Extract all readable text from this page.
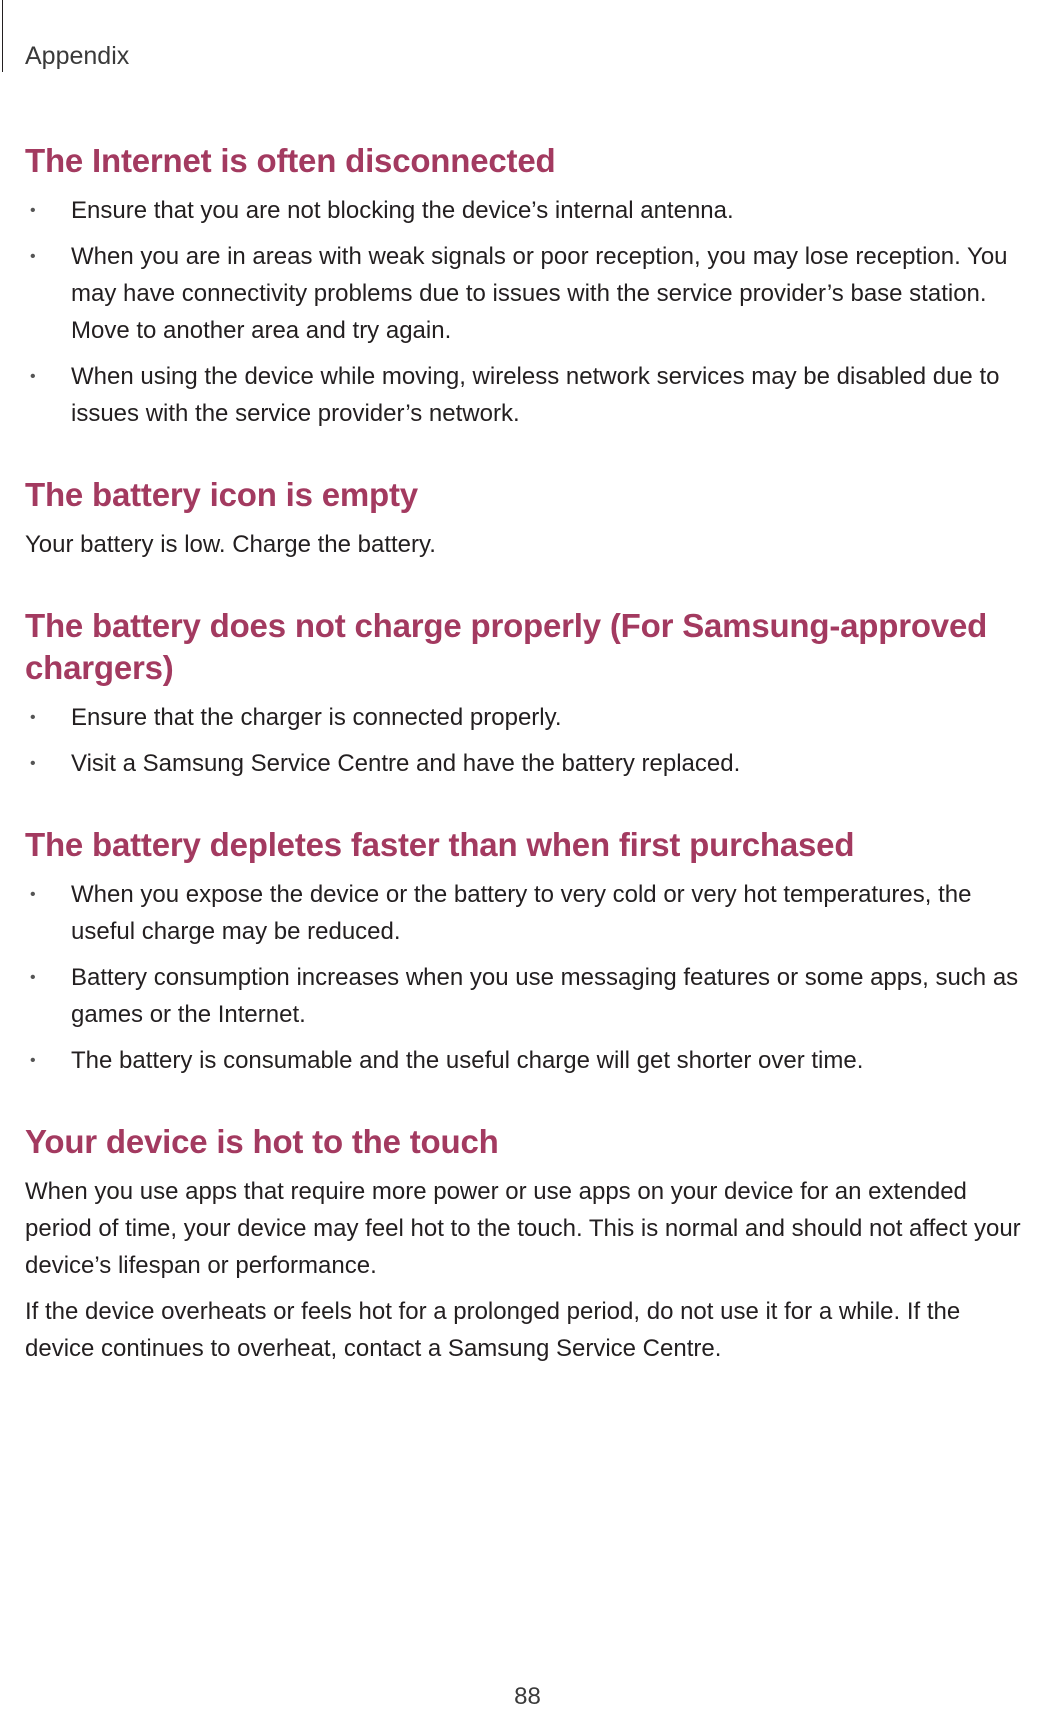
Appendix

The Internet is often disconnected
• Ensure that you are not blocking the device’s internal antenna.
• When you are in areas with weak signals or poor reception, you may lose reception. You may have connectivity problems due to issues with the service provider’s base station. Move to another area and try again.
• When using the device while moving, wireless network services may be disabled due to issues with the service provider’s network.
The battery icon is empty

Your battery is low. Charge the battery.

The battery does not charge properly (For Samsung-approved chargers)
• Ensure that the charger is connected properly.
• Visit a Samsung Service Centre and have the battery replaced.
The battery depletes faster than when first purchased
• When you expose the device or the battery to very cold or very hot temperatures, the useful charge may be reduced.
• Battery consumption increases when you use messaging features or some apps, such as games or the Internet.
• The battery is consumable and the useful charge will get shorter over time.
Your device is hot to the touch

When you use apps that require more power or use apps on your device for an extended period of time, your device may feel hot to the touch. This is normal and should not affect your device’s lifespan or performance.

If the device overheats or feels hot for a prolonged period, do not use it for a while. If the device continues to overheat, contact a Samsung Service Centre.

88
